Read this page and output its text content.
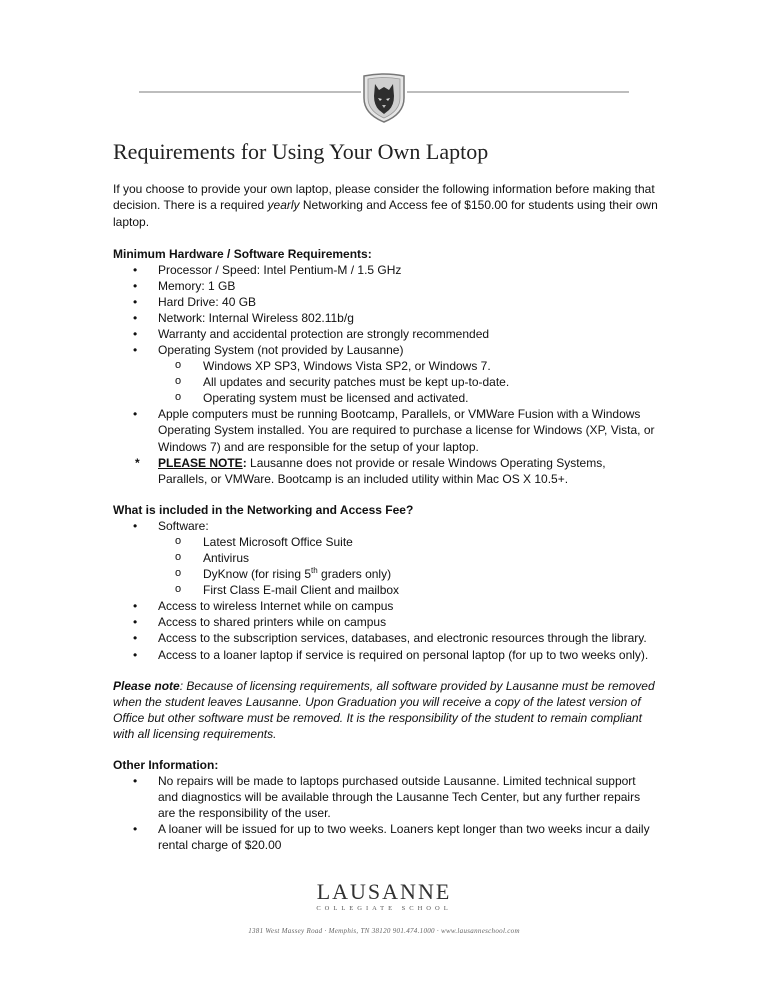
Requirements for Using Your Own Laptop

If you choose to provide your own laptop, please consider the following information before making that decision. There is a required yearly Networking and Access fee of $150.00 for students using their own laptop.

Minimum Hardware / Software Requirements:

• Processor / Speed: Intel Pentium-M / 1.5 GHz
• Memory: 1 GB
• Hard Drive: 40 GB
• Network: Internal Wireless 802.11b/g
• Warranty and accidental protection are strongly recommended
• Operating System (not provided by Lausanne)
o Windows XP SP3, Windows Vista SP2, or Windows 7.
o All updates and security patches must be kept up-to-date.
o Operating system must be licensed and activated.
• Apple computers must be running Bootcamp, Parallels, or VMWare Fusion with a Windows Operating System installed. You are required to purchase a license for Windows (XP, Vista, or Windows 7) and are responsible for the setup of your laptop.
* PLEASE NOTE: Lausanne does not provide or resale Windows Operating Systems, Parallels, or VMWare. Bootcamp is an included utility within Mac OS X 10.5+.

What is included in the Networking and Access Fee?

• Software:
o Latest Microsoft Office Suite
o Antivirus
o DyKnow (for rising 5th graders only)
o First Class E-mail Client and mailbox
• Access to wireless Internet while on campus
• Access to shared printers while on campus
• Access to the subscription services, databases, and electronic resources through the library.
• Access to a loaner laptop if service is required on personal laptop (for up to two weeks only).

Please note: Because of licensing requirements, all software provided by Lausanne must be removed when the student leaves Lausanne. Upon Graduation you will receive a copy of the latest version of Office but other software must be removed. It is the responsibility of the student to remain compliant with all licensing requirements.

Other Information:

• No repairs will be made to laptops purchased outside Lausanne. Limited technical support and diagnostics will be available through the Lausanne Tech Center, but any further repairs are the responsibility of the user.
• A loaner will be issued for up to two weeks. Loaners kept longer than two weeks incur a daily rental charge of $20.00
LAUSANNE
COLLEGIATE SCHOOL
1381 West Massey Road · Memphis, TN 38120 901.474.1000 · www.lausanneschool.com
